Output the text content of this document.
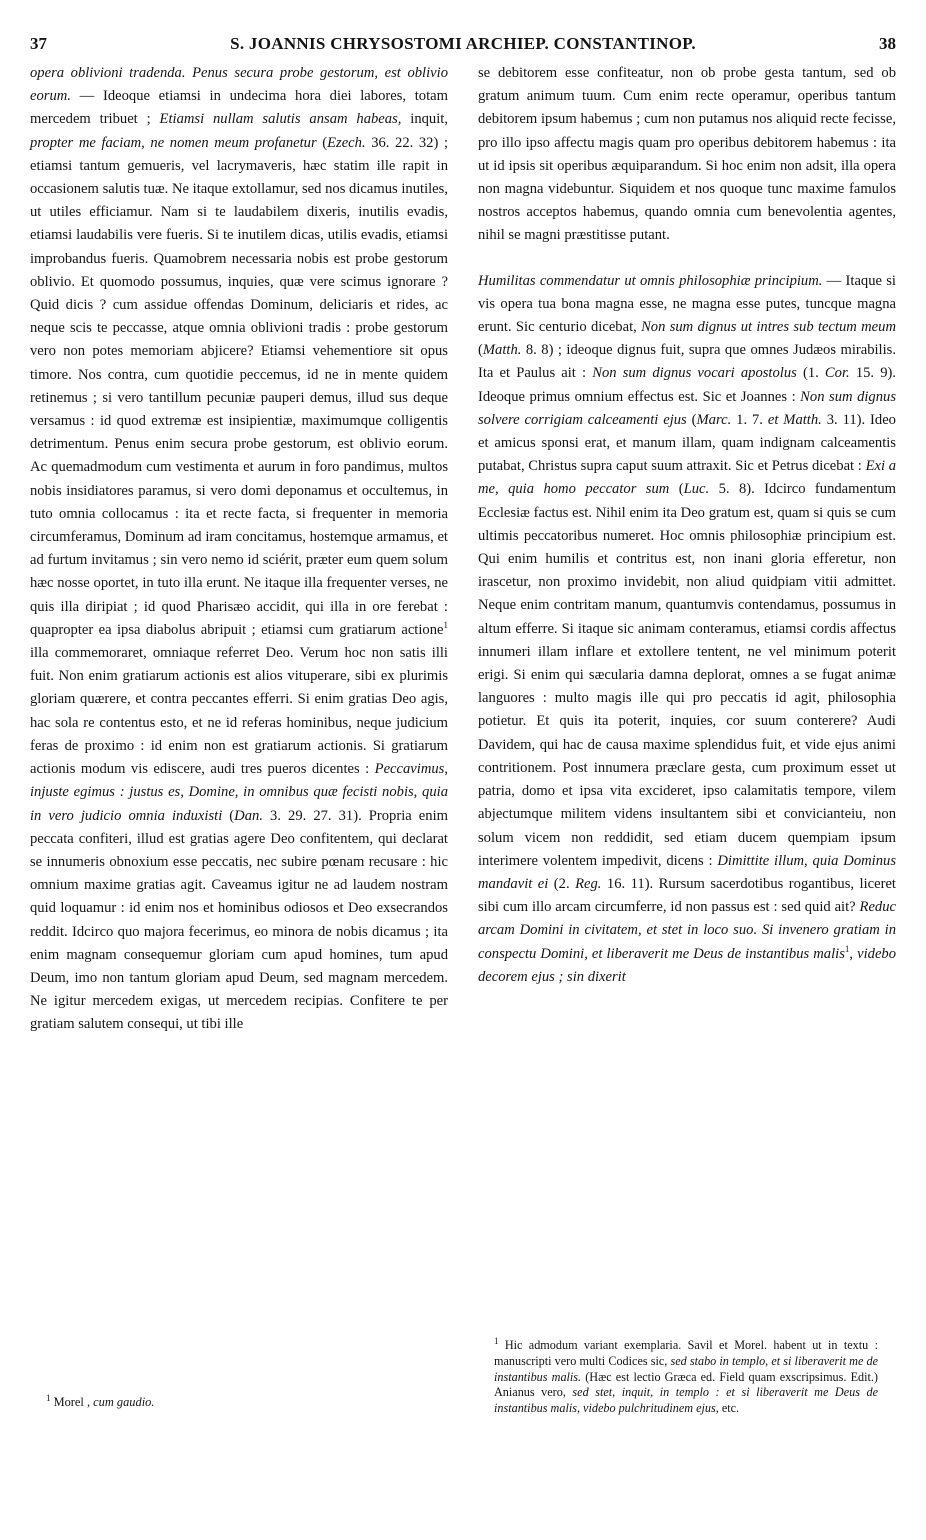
37	S. JOANNIS CHRYSOSTOMI ARCHIEP. CONSTANTINOP.	38

opera oblivioni tradenda. Penus secura probe gestorum, est oblivio eorum. — Ideoque etiamsi in undecima hora diei labores, totam mercedem tribuet ; Etiamsi nullam salutis ansam habeas, inquit, propter me faciam, ne nomen meum profanetur (Ezech. 36. 22. 32) ; etiamsi tantum gemueris, vel lacrymaveris, hæc statim ille rapit in occasionem salutis tuæ. Ne itaque extollamur, sed nos dicamus inutiles, ut utiles efficiamur. Nam si te laudabilem dixeris, inutilis evadis, etiamsi laudabilis vere fueris. Si te inutilem dicas, utilis evadis, etiamsi improbandus fueris. Quamobrem necessaria nobis est probe gestorum oblivio. Et quomodo possumus, inquies, quæ vere scimus ignorare ? Quid dicis ? cum assidue offendas Dominum, deliciaris et rides, ac neque scis te peccasse, atque omnia oblivioni tradis : probe gestorum vero non potes memoriam abjicere? Etiamsi vehementiore sit opus timore. Nos contra, cum quotidie peccemus, id ne in mente quidem retinemus ; si vero tantillum pecuniæ pauperi demus, illud sus deque versamus : id quod extremæ est insipientiæ, maximumque colligentis detrimentum. Penus enim secura probe gestorum, est oblivio eorum. Ac quemadmodum cum vestimenta et aurum in foro pandimus, multos nobis insidiatores paramus, si vero domi deponamus et occultemus, in tuto omnia collocamus : ita et recte facta, si frequenter in memoria circumferamus, Dominum ad iram concitamus, hostemque armamus, et ad furtum invitamus ; sin vero nemo id sciérit, præter eum quem solum hæc nosse oportet, in tuto illa erunt. Ne itaque illa frequenter verses, ne quis illa diripiat ; id quod Pharisæo accidit, qui illa in ore ferebat : quapropter ea ipsa diabolus abripuit ; etiamsi cum gratiarum actione$^1$ illa commemoraret, omniaque referret Deo. Verum hoc non satis illi fuit. Non enim gratiarum actionis est alios vituperare, sibi ex plurimis gloriam quærere, et contra peccantes efferri. Si enim gratias Deo agis, hac sola re contentus esto, et ne id referas hominibus, neque judicium feras de proximo : id enim non est gratiarum actionis. Si gratiarum actionis modum vis ediscere, audi tres pueros dicentes : Peccavimus, injuste egimus : justus es, Domine, in omnibus quæ fecisti nobis, quia in vero judicio omnia induxisti (Dan. 3. 29. 27. 31). Propria enim peccata confiteri, illud est gratias agere Deo confitentem, qui declarat se innumeris obnoxium esse peccatis, nec subire pœnam recusare : hic omnium maxime gratias agit. Caveamus igitur ne ad laudem nostram quid loquamur : id enim nos et hominibus odiosos et Deo exsecrandos reddit. Idcirco quo majora fecerimus, eo minora de nobis dicamus ; ita enim magnam consequemur gloriam cum apud homines, tum apud Deum, imo non tantum gloriam apud Deum, sed magnam mercedem. Ne igitur mercedem exigas, ut mercedem recipias. Confitere te per gratiam salutem consequi, ut tibi ille

se debitorem esse confiteatur, non ob probe gesta tantum, sed ob gratum animum tuum. Cum enim recte operamur, operibus tantum debitorem ipsum habemus ; cum non putamus nos aliquid recte fecisse, pro illo ipso affectu magis quam pro operibus debitorem habemus : ita ut id ipsis sit operibus æquiparandum. Si hoc enim non adsit, illa opera non magna videbuntur. Siquidem et nos quoque tunc maxime famulos nostros acceptos habemus, quando omnia cum benevolentia agentes, nihil se magni præstitisse putant.

Humilitas commendatur ut omnis philosophiæ principium. — Itaque si vis opera tua bona magna esse, ne magna esse putes, tuncque magna erunt. Sic centurio dicebat, Non sum dignus ut intres sub tectum meum (Matth. 8. 8) ; ideoque dignus fuit, supra que omnes Judæos mirabilis. Ita et Paulus ait : Non sum dignus vocari apostolus (1. Cor. 15. 9). Ideoque primus omnium effectus est. Sic et Joannes : Non sum dignus solvere corrigiam calceamenti ejus (Marc. 1. 7. et Matth. 3. 11). Ideo et amicus sponsi erat, et manum illam, quam indignam calceamentis putabat, Christus supra caput suum attraxit. Sic et Petrus dicebat : Exi a me, quia homo peccator sum (Luc. 5. 8). Idcirco fundamentum Ecclesiæ factus est. Nihil enim ita Deo gratum est, quam si quis se cum ultimis peccatoribus numeret. Hoc omnis philosophiæ principium est. Qui enim humilis et contritus est, non inani gloria efferetur, non irascetur, non proximo invidebit, non aliud quidpiam vitii admittet. Neque enim contritam manum, quantumvis contendamus, possumus in altum efferre. Si itaque sic animam conteramus, etiamsi cordis affectus innumeri illam inflare et extollere tentent, ne vel minimum poterit erigi. Si enim qui sæcularia damna deplorat, omnes a se fugat animæ languores : multo magis ille qui pro peccatis id agit, philosophia potietur. Et quis ita poterit, inquies, cor suum conterere? Audi Davidem, qui hac de causa maxime splendidus fuit, et vide ejus animi contritionem. Post innumera præclare gesta, cum proximum esset ut patria, domo et ipsa vita excideret, ipso calamitatis tempore, vilem abjectumque militem videns insultantem sibi et convicianteiu, non solum vicem non reddidit, sed etiam ducem quempiam ipsum interimere volentem impedivit, dicens : Dimittite illum, quia Dominus mandavit ei (2. Reg. 16. 11). Rursum sacerdotibus rogantibus, liceret sibi cum illo arcam circumferre, id non passus est : sed quid ait? Reduc arcam Domini in civitatem, et stet in loco suo. Si invenero gratiam in conspectu Domini, et liberaverit me Deus de instantibus malis$^1$, videbo decorem ejus ; sin dixerit

$^1$ Morel , cum gaudio.
$^1$ Hic admodum variant exemplaria. Savil et Morel. habent ut in textu : manuscripti vero multi Codices sic, sed stabo in templo, et si liberaverit me de instantibus malis. (Hæc est lectio Græca ed. Field quam exscripsimus. Edit.) Anianus vero, sed stet, inquit, in templo : et si liberaverit me Deus de instantibus malis, videbo pulchritudinem ejus, etc.
